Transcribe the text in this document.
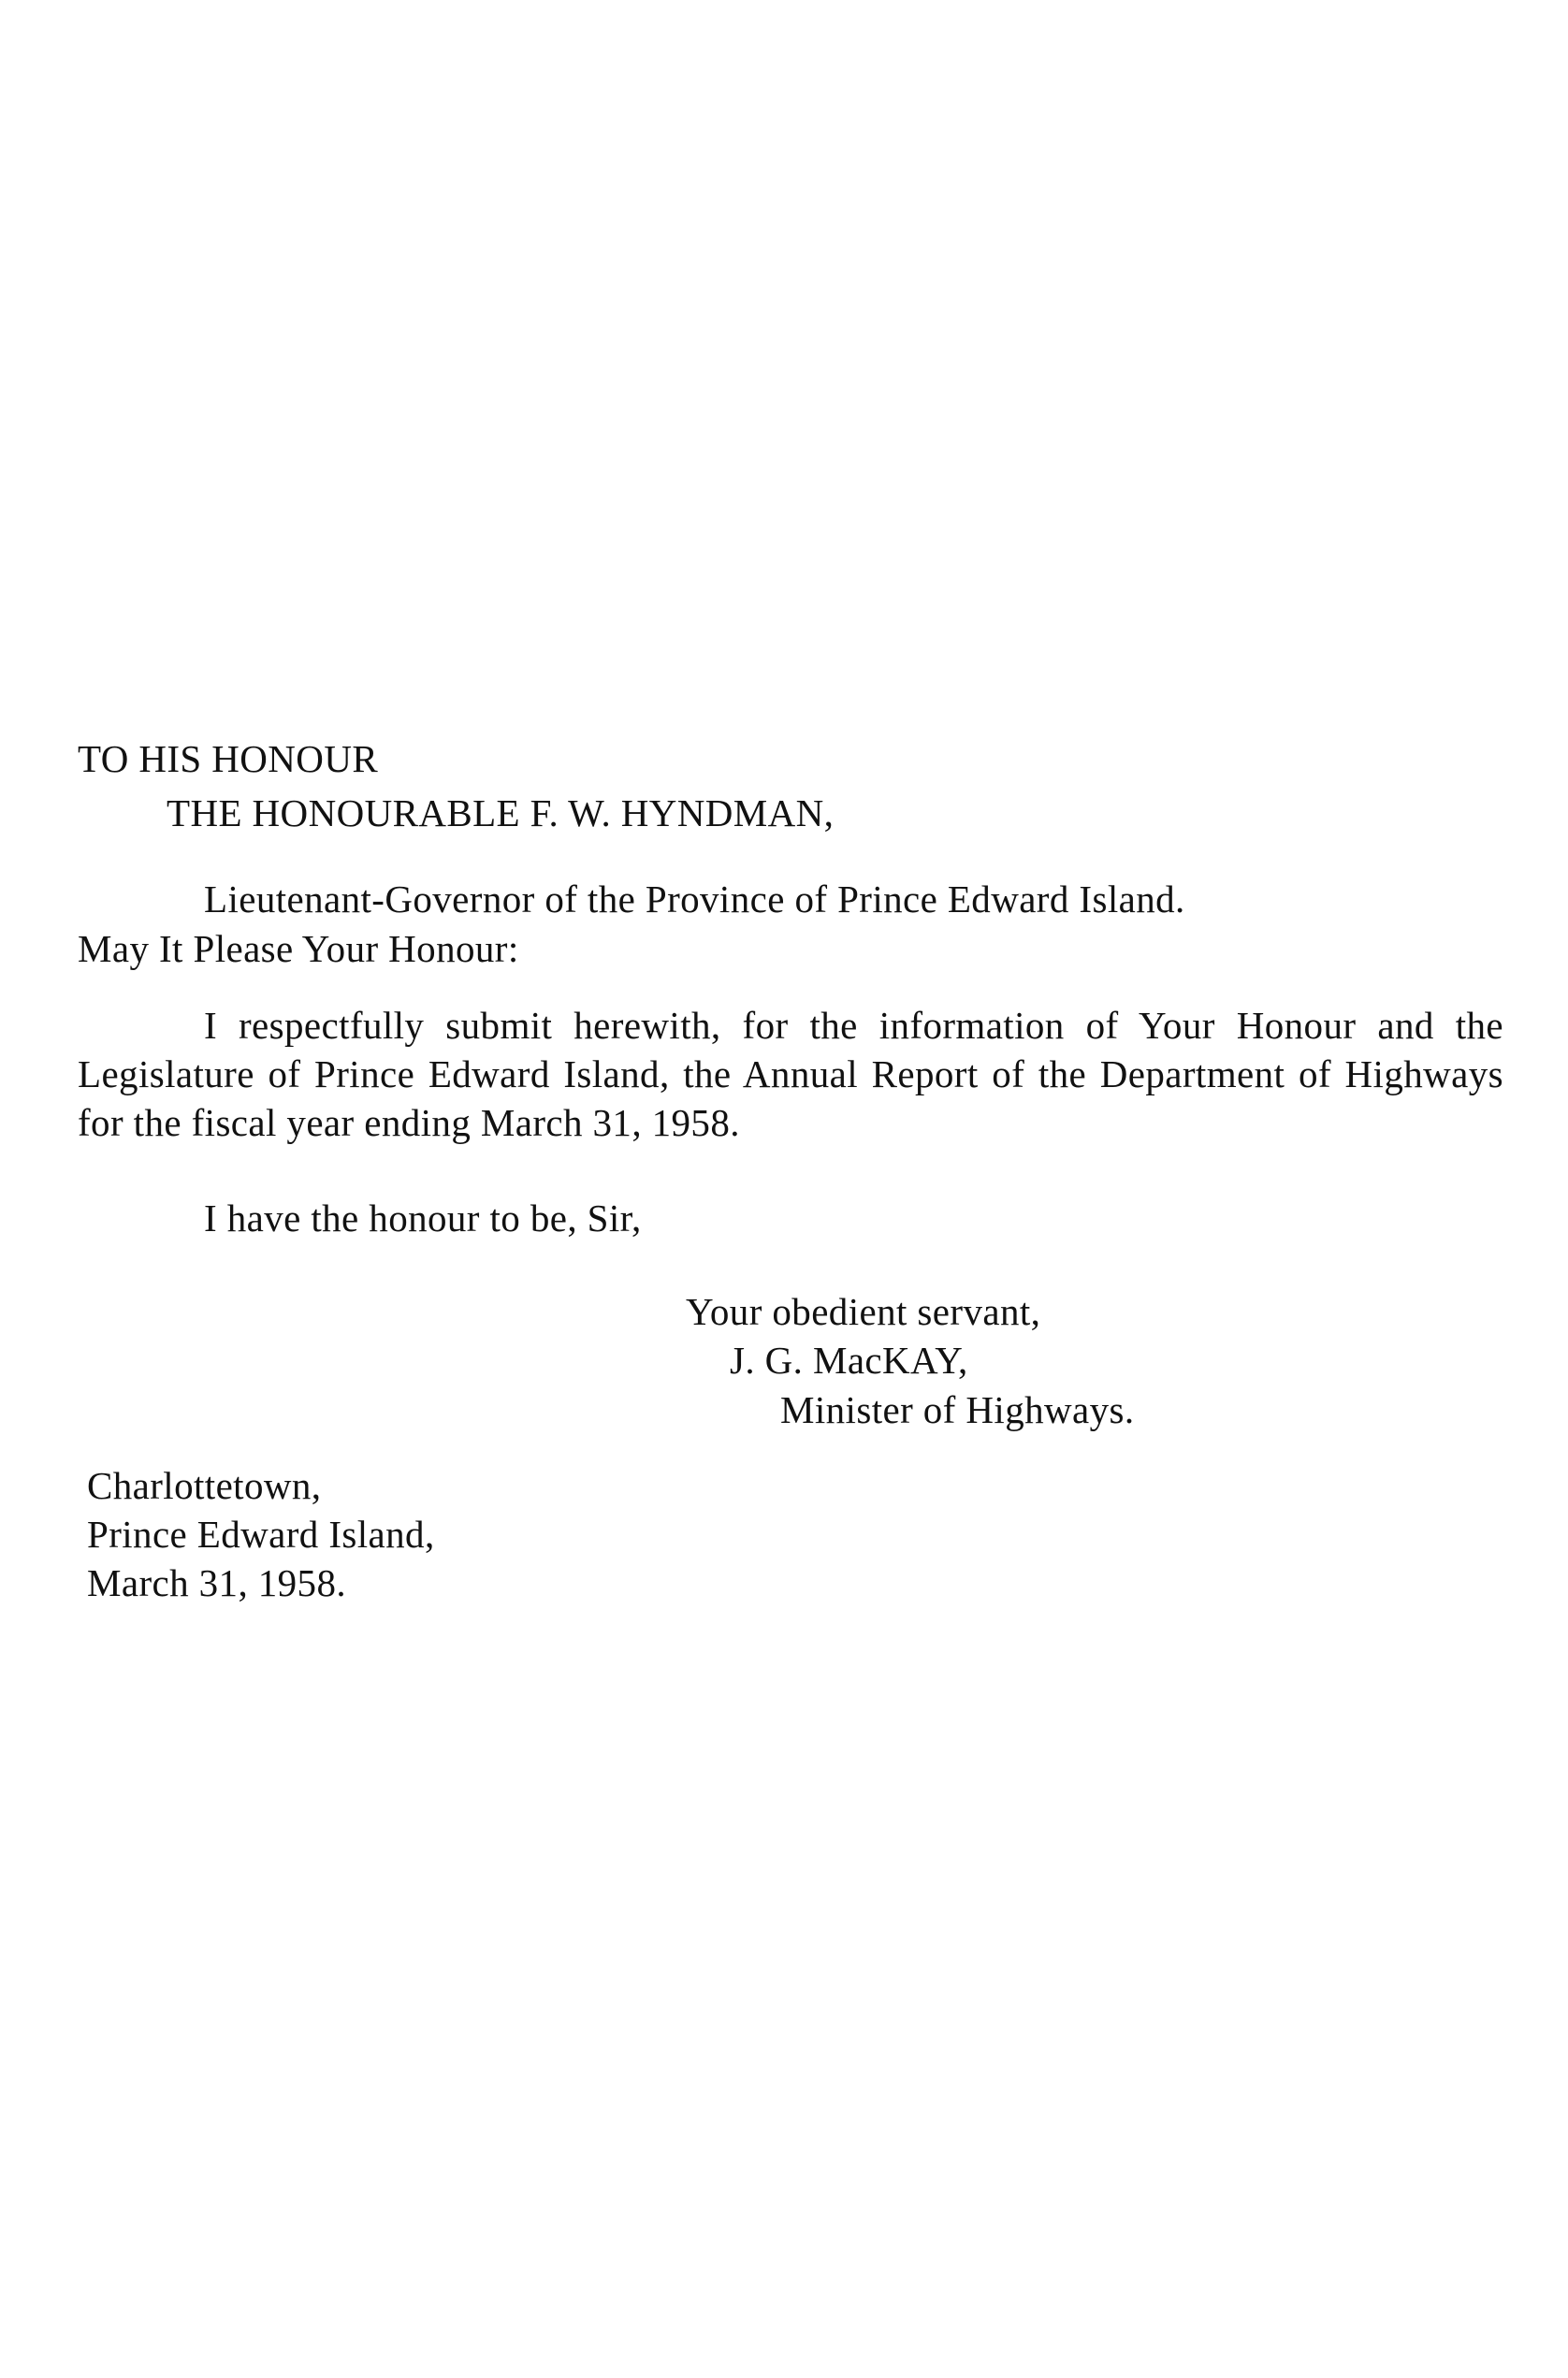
TO HIS HONOUR
THE HONOURABLE F. W. HYNDMAN,
Lieutenant-Governor of the Province of Prince Edward Island.
May It Please Your Honour:
I respectfully submit herewith, for the information of Your Honour and the Legislature of Prince Edward Island, the Annual Report of the Department of Highways for the fiscal year ending March 31, 1958.
I have the honour to be, Sir,
Your obedient servant,
J. G. MacKAY,
Minister of Highways.
Charlottetown,
Prince Edward Island,
March 31, 1958.
